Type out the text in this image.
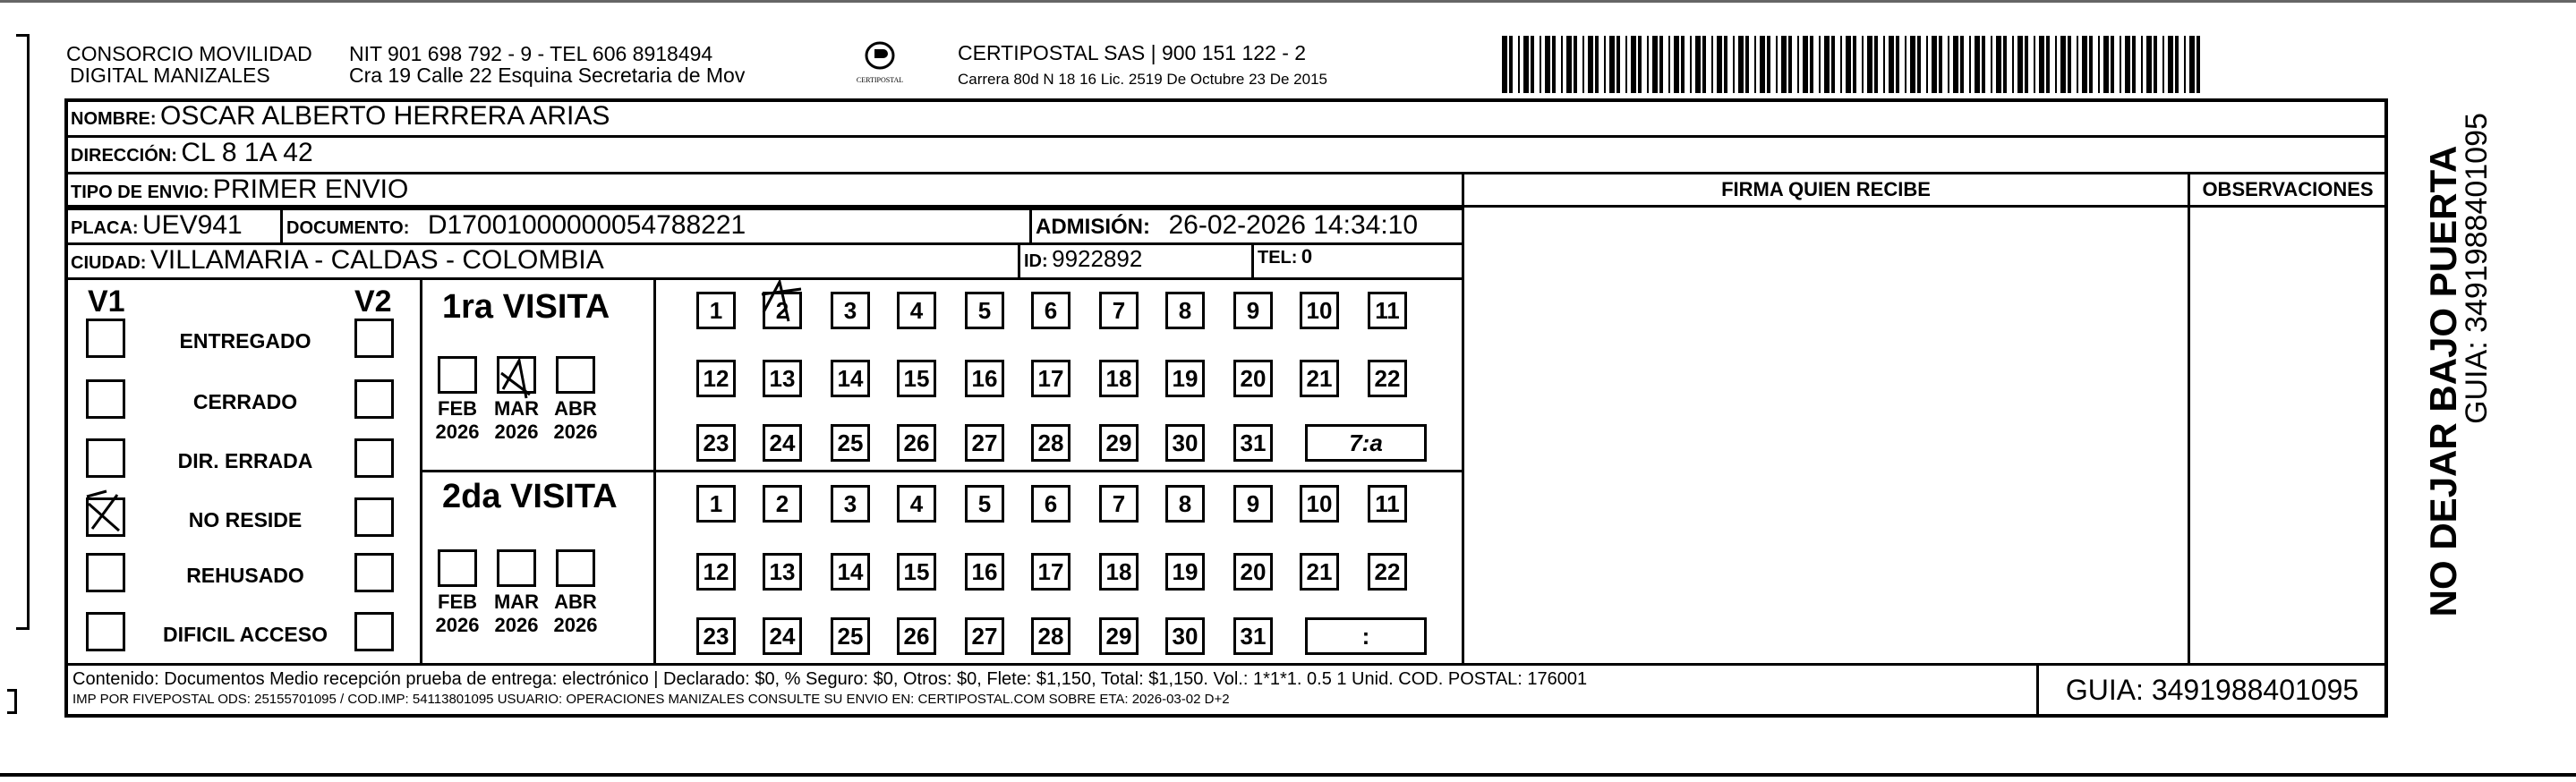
CONSORCIO MOVILIDAD
DIGITAL MANIZALES
NIT 901 698 792 - 9 - TEL 606 8918494
Cra 19 Calle 22 Esquina Secretaria de Mov	CERTIPOSTAL
CERTIPOSTAL SAS | 900 151 122 - 2
Carrera 80d N 18 16 Lic. 2519 De Octubre 23 De 2015
NOMBRE: OSCAR ALBERTO HERRERA ARIAS
DIRECCIÓN: CL 8 1A 42
TIPO DE ENVIO: PRIMER ENVIO	FIRMA QUIEN RECIBE	OBSERVACIONES
PLACA: UEV941	DOCUMENTO: D17001000000054788221	ADMISIÓN: 26-02-2026 14:34:10
CIUDAD: VILLAMARIA - CALDAS - COLOMBIA	ID: 9922892	TEL: 0
V1	V2
ENTREGADO
CERRADO
DIR. ERRADA
NO RESIDE
REHUSADO
DIFICIL ACCESO
1ra VISITA
2da VISITA
FEB
2026
MAR
2026
ABR
2026
1	2	3	4	5	6	7	8	9	10	11
12 13 14 15 16 17 18 19 20 21 22
23 24 25 26 27 28 29 30 31	7:a
FEB
2026
MAR
2026
ABR
2026
1	2	3	4	5	6	7	8	9	10	11
12 13 14 15 16 17 18 19 20 21 22
23 24 25 26 27 28 29 30 31	:
Contenido: Documentos Medio recepción prueba de entrega: electrónico | Declarado: $0, % Seguro: $0, Otros: $0, Flete: $1,150, Total: $1,150. Vol.: 1*1*1. 0.5 1 Unid. COD. POSTAL: 176001
IMP POR FIVEPOSTAL ODS: 25155701095 / COD.IMP: 54113801095 USUARIO: OPERACIONES MANIZALES CONSULTE SU ENVIO EN: CERTIPOSTAL.COM SOBRE ETA: 2026-03-02 D+2	GUIA: 3491988401095
NO DEJAR BAJO PUERTA
GUIA: 3491988401095
